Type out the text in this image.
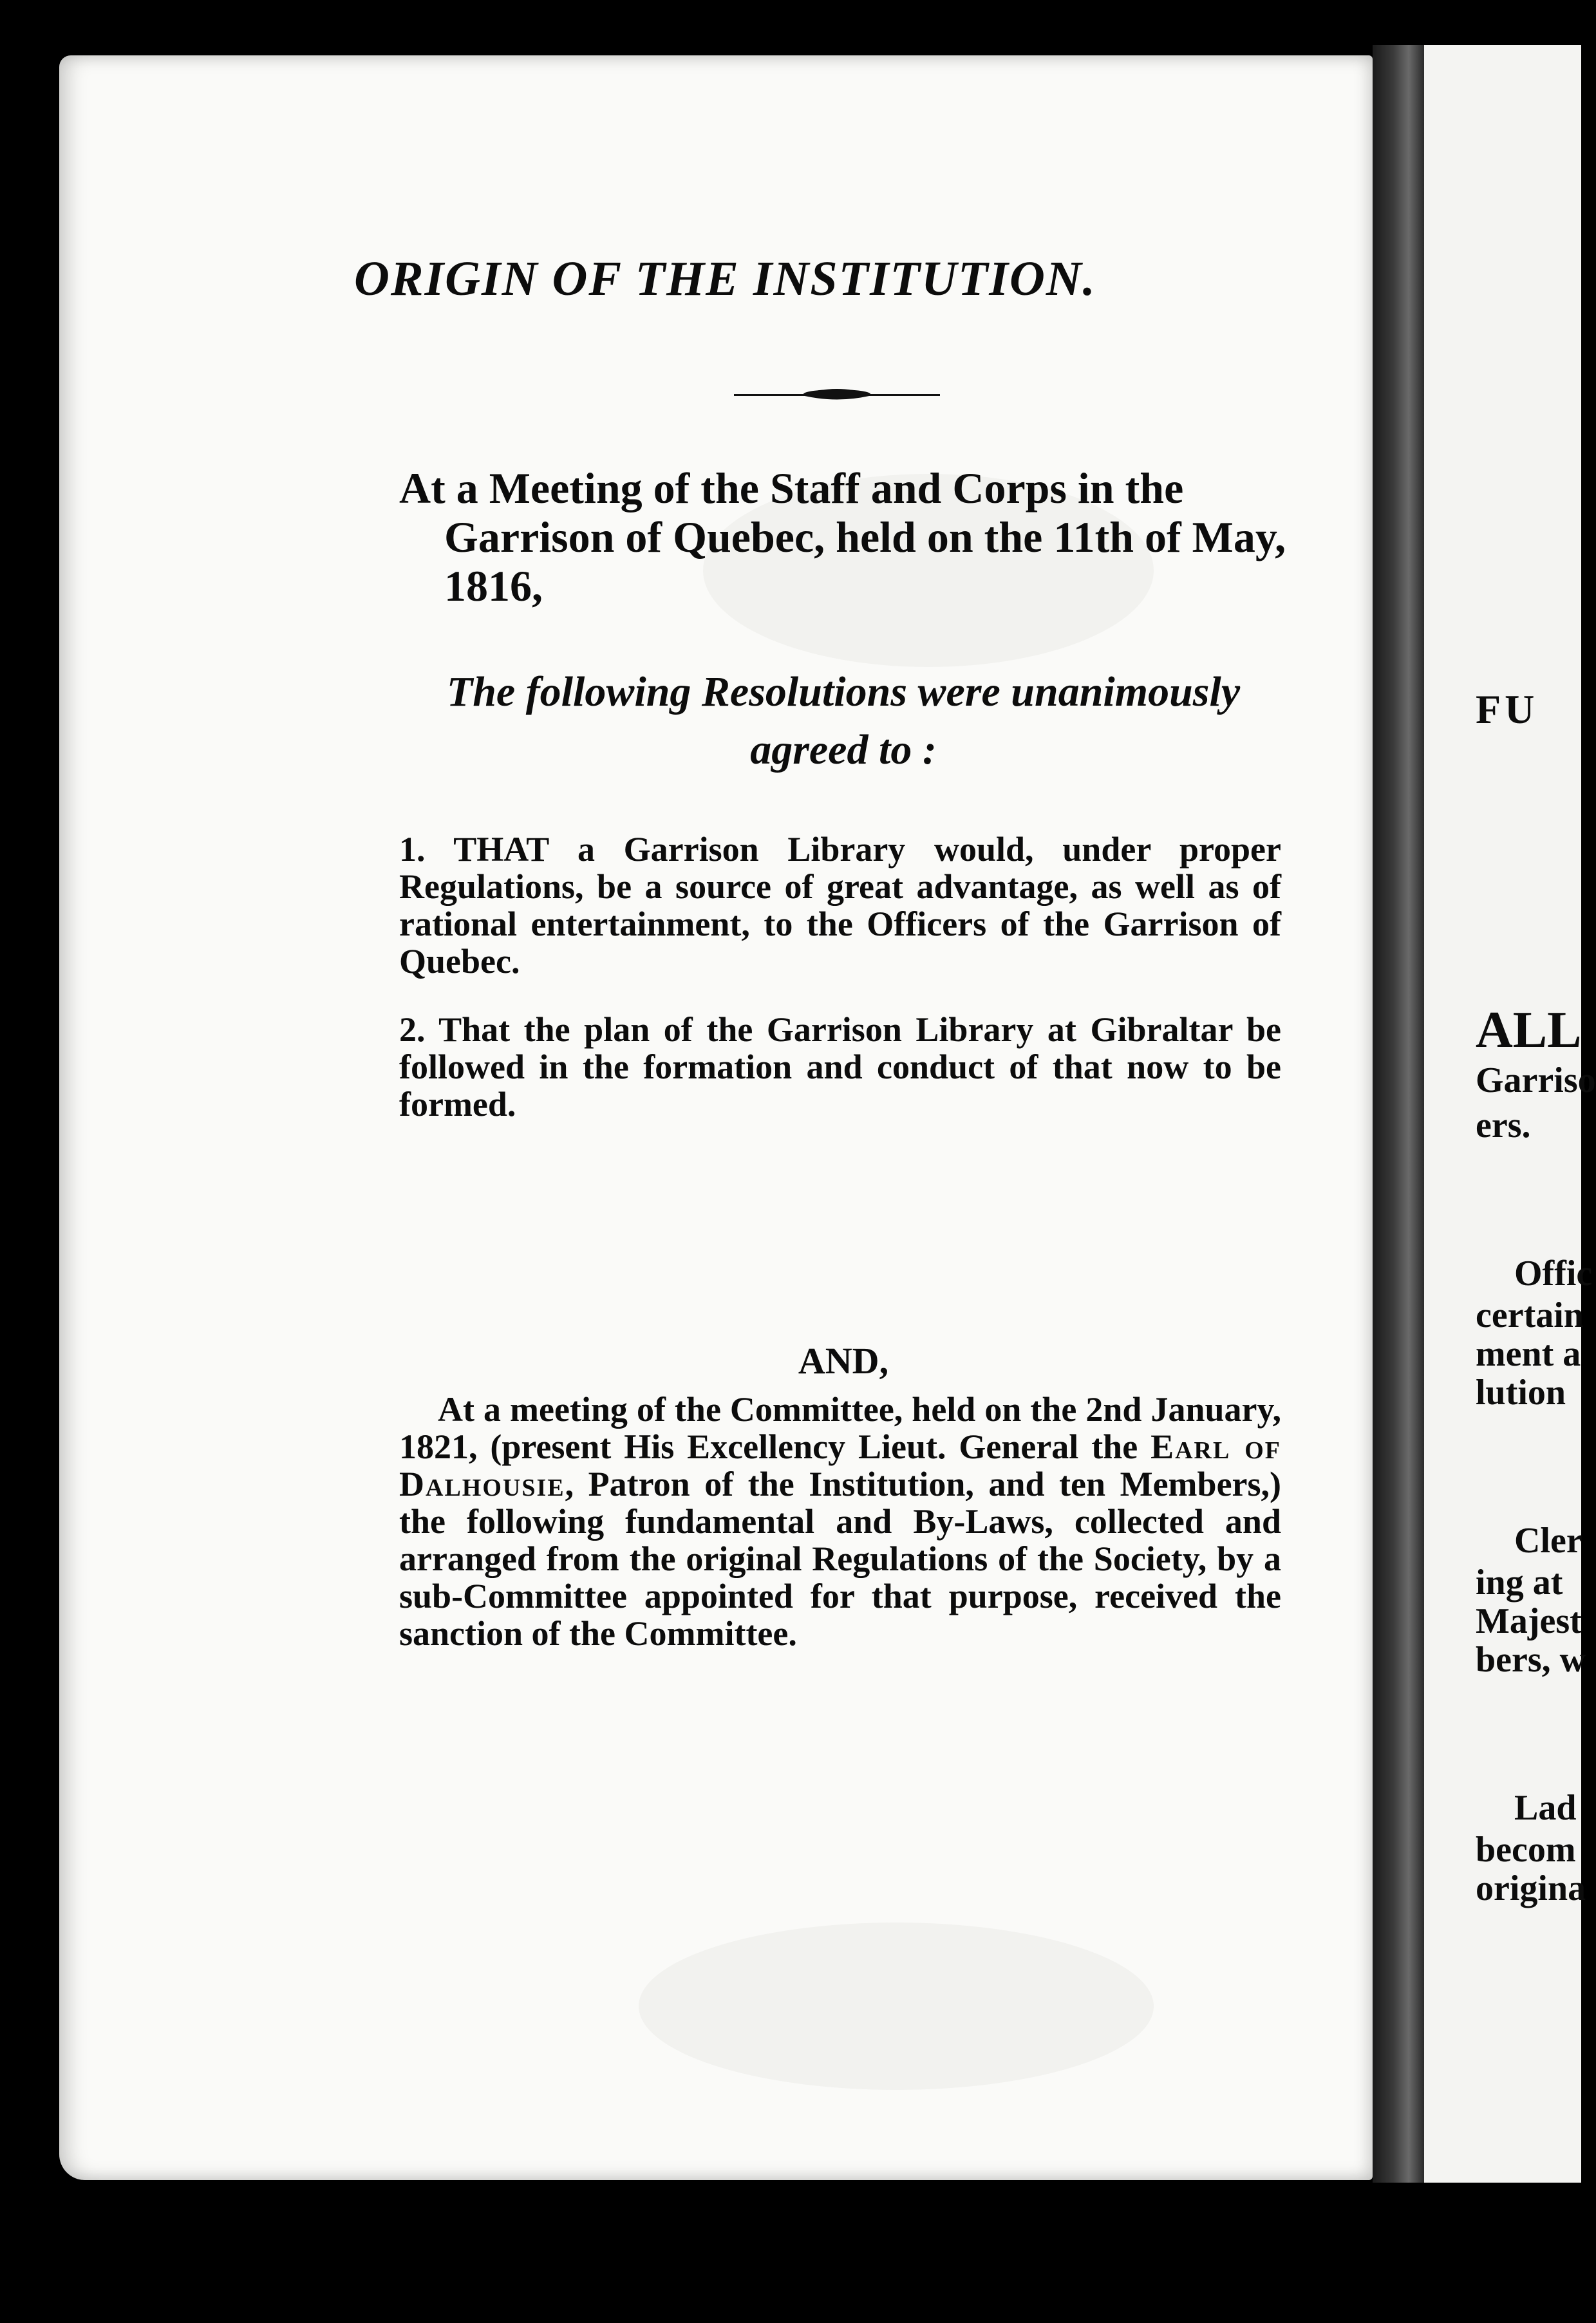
FU
ALL
Garriso
ers.
Offic
certain
ment a
lution
Cler
ing at
Majest
bers, w
Lad
becom
origina
ORIGIN OF THE INSTITUTION.
At a Meeting of the Staff and Corps in the Garrison of Quebec, held on the 11th of May, 1816,
The following Resolutions were unanimously agreed to :
1. THAT a Garrison Library would, under proper Regulations, be a source of great advantage, as well as of rational entertainment, to the Officers of the Garrison of Quebec.
2. That the plan of the Garrison Library at Gibraltar be followed in the formation and conduct of that now to be formed.
AND,
At a meeting of the Committee, held on the 2nd January, 1821, (present His Excellency Lieut. General the Earl of Dalhousie, Patron of the Institution, and ten Members,) the following fundamental and By-Laws, collected and arranged from the original Regulations of the Society, by a sub-Committee appointed for that purpose, received the sanction of the Committee.
